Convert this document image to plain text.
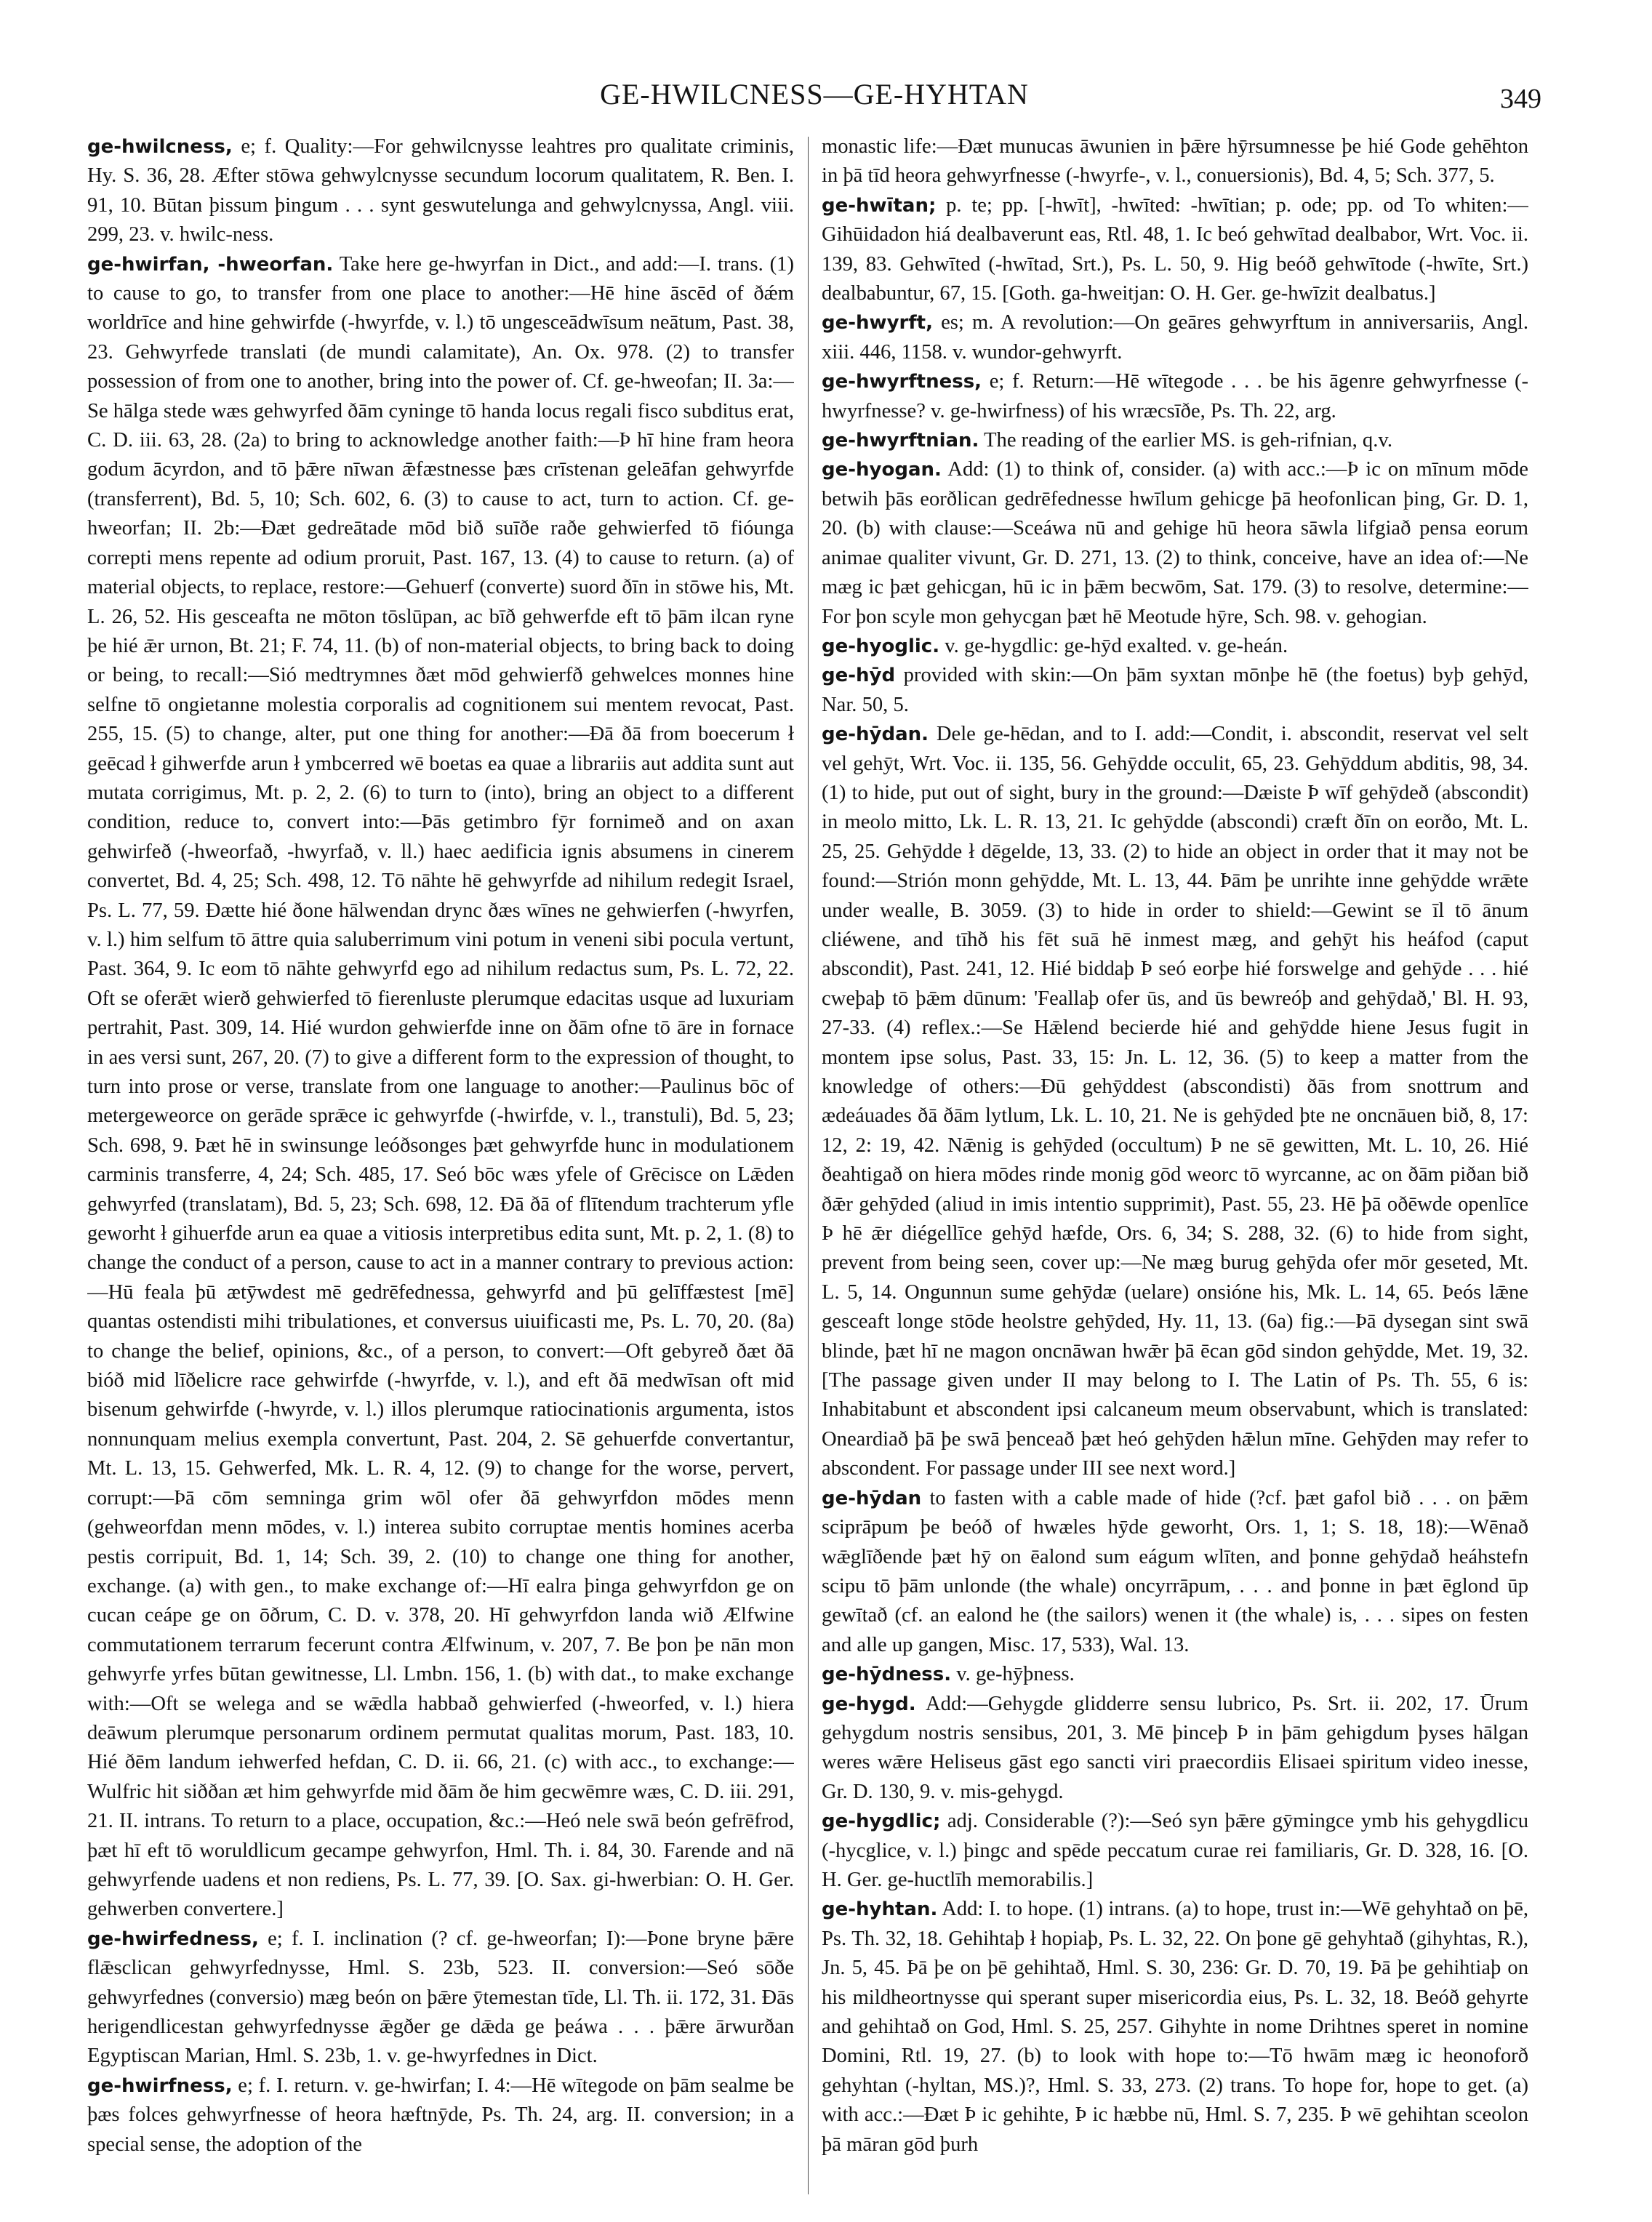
GE-HWILCNESS—GE-HYHTAN	349

ge-hwilcness, e; f. Quality:—For gehwilcnysse leahtres pro qualitate criminis, Hy. S. 36, 28. Æfter stōwa gehwylcnysse secundum locorum qualitatem, R. Ben. I. 91, 10. Būtan þissum þingum . . . synt geswutelunga and gehwylcnyssa, Angl. viii. 299, 23. v. hwilc-ness.

ge-hwirfan, -hweorfan. Take here ge-hwyrfan in Dict., and add:—I. trans. (1) to cause to go, to transfer from one place to another:—Hē hine āscēd of ðǽm worldrīce and hine gehwirfde (-hwyrfde, v. l.) tō ungesceādwīsum neātum, Past. 38, 23. Gehwyrfede translati (de mundi calamitate), An. Ox. 978. (2) to transfer possession of from one to another, bring into the power of. Cf. ge-hweofan; II. 3a:—Se hālga stede wæs gehwyrfed ðām cyninge tō handa locus regali fisco subditus erat, C. D. iii. 63, 28. (2a) to bring to acknowledge another faith:—Þ hī hine fram heora godum ācyrdon, and tō þǣre nīwan ǣfæstnesse þæs crīstenan geleāfan gehwyrfde (transferrent), Bd. 5, 10; Sch. 602, 6. (3) to cause to act, turn to action. Cf. ge-hweorfan; II. 2b:—Ðæt gedreātade mōd bið suīðe raðe gehwierfed tō fióunga correpti mens repente ad odium proruit, Past. 167, 13. (4) to cause to return. (a) of material objects, to replace, restore:—Gehuerf (converte) suord ðīn in stōwe his, Mt. L. 26, 52. His gesceafta ne mōton tōslūpan, ac bīð gehwerfde eft tō þām ilcan ryne þe hié ǣr urnon, Bt. 21; F. 74, 11. (b) of non-material objects, to bring back to doing or being, to recall:—Sió medtrymnes ðæt mōd gehwierfð gehwelces monnes hine selfne tō ongietanne molestia corporalis ad cognitionem sui mentem revocat, Past. 255, 15. (5) to change, alter, put one thing for another:—Ðā ðā from boecerum ł geēcad ł gihwerfde arun ł ymbcerred wē boetas ea quae a librariis aut addita sunt aut mutata corrigimus, Mt. p. 2, 2. (6) to turn to (into), bring an object to a different condition, reduce to, convert into:—Þās getimbro fȳr fornimeð and on axan gehwirfeð (-hweorfað, -hwyrfað, v. ll.) haec aedificia ignis absumens in cinerem convertet, Bd. 4, 25; Sch. 498, 12. Tō nāhte hē gehwyrfde ad nihilum redegit Israel, Ps. L. 77, 59. Ðætte hié ðone hālwendan drync ðæs wīnes ne gehwierfen (-hwyrfen, v. l.) him selfum tō āttre quia saluberrimum vini potum in veneni sibi pocula vertunt, Past. 364, 9. Ic eom tō nāhte gehwyrfd ego ad nihilum redactus sum, Ps. L. 72, 22. Oft se oferǣt wierð gehwierfed tō fierenluste plerumque edacitas usque ad luxuriam pertrahit, Past. 309, 14. Hié wurdon gehwierfde inne on ðām ofne tō āre in fornace in aes versi sunt, 267, 20. (7) to give a different form to the expression of thought, to turn into prose or verse, translate from one language to another:—Paulinus bōc of metergeweorce on gerāde sprǣce ic gehwyrfde (-hwirfde, v. l., transtuli), Bd. 5, 23; Sch. 698, 9. Þæt hē in swinsunge leóðsonges þæt gehwyrfde hunc in modulationem carminis transferre, 4, 24; Sch. 485, 17. Seó bōc wæs yfele of Grēcisce on Lǣden gehwyrfed (translatam), Bd. 5, 23; Sch. 698, 12. Ðā ðā of flītendum trachterum yfle geworht ł gihuerfde arun ea quae a vitiosis interpretibus edita sunt, Mt. p. 2, 1. (8) to change the conduct of a person, cause to act in a manner contrary to previous action:—Hū feala þū ætȳwdest mē gedrēfednessa, gehwyrfd and þū gelīffæstest [mē] quantas ostendisti mihi tribulationes, et conversus uiuificasti me, Ps. L. 70, 20. (8a) to change the belief, opinions, &c., of a person, to convert:—Oft gebyreð ðæt ðā bióð mid līðelicre race gehwirfde (-hwyrfde, v. l.), and eft ðā medwīsan oft mid bisenum gehwirfde (-hwyrde, v. l.) illos plerumque ratiocinationis argumenta, istos nonnunquam melius exempla convertunt, Past. 204, 2. Sē gehuerfde convertantur, Mt. L. 13, 15. Gehwerfed, Mk. L. R. 4, 12. (9) to change for the worse, pervert, corrupt:—Þā cōm semninga grim wōl ofer ðā gehwyrfdon mōdes menn (gehweorfdan menn mōdes, v. l.) interea subito corruptae mentis homines acerba pestis corripuit, Bd. 1, 14; Sch. 39, 2. (10) to change one thing for another, exchange. (a) with gen., to make exchange of:—Hī ealra þinga gehwyrfdon ge on cucan ceápe ge on ōðrum, C. D. v. 378, 20. Hī gehwyrfdon landa wið Ælfwine commutationem terrarum fecerunt contra Ælfwinum, v. 207, 7. Be þon þe nān mon gehwyrfe yrfes būtan gewitnesse, Ll. Lmbn. 156, 1. (b) with dat., to make exchange with:—Oft se welega and se wǣdla habbað gehwierfed (-hweorfed, v. l.) hiera deāwum plerumque personarum ordinem permutat qualitas morum, Past. 183, 10. Hié ðēm landum iehwerfed hefdan, C. D. ii. 66, 21. (c) with acc., to exchange:—Wulfric hit siððan æt him gehwyrfde mid ðām ðe him gecwēmre wæs, C. D. iii. 291, 21. II. intrans. To return to a place, occupation, &c.:—Heó nele swā beón gefrēfrod, þæt hī eft tō woruldlicum gecampe gehwyrfon, Hml. Th. i. 84, 30. Farende and nā gehwyrfende uadens et non rediens, Ps. L. 77, 39. [O. Sax. gi-hwerbian: O. H. Ger. gehwerben convertere.]

ge-hwirfedness, e; f. I. inclination (? cf. ge-hweorfan; I):—Þone bryne þǣre flǣsclican gehwyrfednysse, Hml. S. 23b, 523. II. conversion:—Seó sōðe gehwyrfednes (conversio) mæg beón on þǣre ȳtemestan tīde, Ll. Th. ii. 172, 31. Ðās herigendlicestan gehwyrfednysse ǣgðer ge dǣda ge þeáwa . . . þǣre ārwurðan Egyptiscan Marian, Hml. S. 23b, 1. v. ge-hwyrfednes in Dict.

ge-hwirfness, e; f. I. return. v. ge-hwirfan; I. 4:—Hē wītegode on þām sealme be þæs folces gehwyrfnesse of heora hæftnȳde, Ps. Th. 24, arg. II. conversion; in a special sense, the adoption of the

monastic life:—Ðæt munucas āwunien in þǣre hȳrsumnesse þe hié Gode gehēhton in þā tīd heora gehwyrfnesse (-hwyrfe-, v. l., conuersionis), Bd. 4, 5; Sch. 377, 5.

ge-hwītan; p. te; pp. [-hwīt], -hwīted: -hwītian; p. ode; pp. od To whiten:—Gihūidadon hiá dealbaverunt eas, Rtl. 48, 1. Ic beó gehwītad dealbabor, Wrt. Voc. ii. 139, 83. Gehwīted (-hwītad, Srt.), Ps. L. 50, 9. Hig beóð gehwītode (-hwīte, Srt.) dealbabuntur, 67, 15. [Goth. ga-hweitjan: O. H. Ger. ge-hwīzit dealbatus.]

ge-hwyrft, es; m. A revolution:—On geāres gehwyrftum in anniversariis, Angl. xiii. 446, 1158. v. wundor-gehwyrft.

ge-hwyrftness, e; f. Return:—Hē wītegode . . . be his āgenre gehwyrfnesse (-hwyrfnesse? v. ge-hwirfness) of his wræcsīðe, Ps. Th. 22, arg.

ge-hwyrftnian. The reading of the earlier MS. is geh-rifnian, q.v.

ge-hyogan. Add: (1) to think of, consider. (a) with acc.:—Þ ic on mīnum mōde betwih þās eorðlican gedrēfednesse hwīlum gehicge þā heofonlican þing, Gr. D. 1, 20. (b) with clause:—Sceáwa nū and gehige hū heora sāwla lifgiað pensa eorum animae qualiter vivunt, Gr. D. 271, 13. (2) to think, conceive, have an idea of:—Ne mæg ic þæt gehicgan, hū ic in þǣm becwōm, Sat. 179. (3) to resolve, determine:—For þon scyle mon gehycgan þæt hē Meotude hȳre, Sch. 98. v. gehogian.

ge-hyoglic. v. ge-hygdlic: ge-hȳd exalted. v. ge-heán.

ge-hȳd provided with skin:—On þām syxtan mōnþe hē (the foetus) byþ gehȳd, Nar. 50, 5.

ge-hȳdan. Dele ge-hēdan, and to I. add:—Condit, i. abscondit, reservat vel selt vel gehȳt, Wrt. Voc. ii. 135, 56. Gehȳdde occulit, 65, 23. Gehȳddum abditis, 98, 34. (1) to hide, put out of sight, bury in the ground:—Dæiste Þ wīf gehȳdeð (abscondit) in meolo mitto, Lk. L. R. 13, 21. Ic gehȳdde (abscondi) cræft ðīn on eorðo, Mt. L. 25, 25. Gehȳdde ł dēgelde, 13, 33. (2) to hide an object in order that it may not be found:—Strión monn gehȳdde, Mt. L. 13, 44. Þām þe unrihte inne gehȳdde wrǣte under wealle, B. 3059. (3) to hide in order to shield:—Gewint se īl tō ānum cliéwene, and tīhð his fēt suā hē inmest mæg, and gehȳt his heáfod (caput abscondit), Past. 241, 12. Hié biddaþ Þ seó eorþe hié forswelge and gehȳde . . . hié cweþaþ tō þǣm dūnum: 'Feallaþ ofer ūs, and ūs bewreóþ and gehȳdað,' Bl. H. 93, 27-33. (4) reflex.:—Se Hǣlend becierde hié and gehȳdde hiene Jesus fugit in montem ipse solus, Past. 33, 15: Jn. L. 12, 36. (5) to keep a matter from the knowledge of others:—Ðū gehȳddest (abscondisti) ðās from snottrum and ædeáuades ðā ðām lytlum, Lk. L. 10, 21. Ne is gehȳded þte ne oncnāuen bið, 8, 17: 12, 2: 19, 42. Nǣnig is gehȳded (occultum) Þ ne sē gewitten, Mt. L. 10, 26. Hié ðeahtigað on hiera mōdes rinde monig gōd weorc tō wyrcanne, ac on ðām piðan bið ðǣr gehȳded (aliud in imis intentio supprimit), Past. 55, 23. Hē þā oðēwde openlīce Þ hē ǣr diégellīce gehȳd hæfde, Ors. 6, 34; S. 288, 32. (6) to hide from sight, prevent from being seen, cover up:—Ne mæg burug gehȳda ofer mōr geseted, Mt. L. 5, 14. Ongunnun sume gehȳdæ (uelare) onsióne his, Mk. L. 14, 65. Þeós lǣne gesceaft longe stōde heolstre gehȳded, Hy. 11, 13. (6a) fig.:—Þā dysegan sint swā blinde, þæt hī ne magon oncnāwan hwǣr þā ēcan gōd sindon gehȳdde, Met. 19, 32. [The passage given under II may belong to I. The Latin of Ps. Th. 55, 6 is: Inhabitabunt et abscondent ipsi calcaneum meum observabunt, which is translated: Oneardiað þā þe swā þenceað þæt heó gehȳden hǣlun mīne. Gehȳden may refer to abscondent. For passage under III see next word.]

ge-hȳdan to fasten with a cable made of hide (?cf. þæt gafol bið . . . on þǣm sciprāpum þe beóð of hwæles hȳde geworht, Ors. 1, 1; S. 18, 18):—Wēnað wǣglīðende þæt hȳ on ēalond sum eágum wlīten, and þonne gehȳdað heáhstefn scipu tō þām unlonde (the whale) oncyrrāpum, . . . and þonne in þæt ēglond ūp gewītað (cf. an ealond he (the sailors) wenen it (the whale) is, . . . sipes on festen and alle up gangen, Misc. 17, 533), Wal. 13.

ge-hȳdness. v. ge-hȳþness.

ge-hygd. Add:—Gehygde glidderre sensu lubrico, Ps. Srt. ii. 202, 17. Ūrum gehygdum nostris sensibus, 201, 3. Mē þinceþ Þ in þām gehigdum þyses hālgan weres wǣre Heliseus gāst ego sancti viri praecordiis Elisaei spiritum video inesse, Gr. D. 130, 9. v. mis-gehygd.

ge-hygdlic; adj. Considerable (?):—Seó syn þǣre gȳmingce ymb his gehygdlicu (-hycglice, v. l.) þingc and spēde peccatum curae rei familiaris, Gr. D. 328, 16. [O. H. Ger. ge-huctlīh memorabilis.]

ge-hyhtan. Add: I. to hope. (1) intrans. (a) to hope, trust in:—Wē gehyhtað on þē, Ps. Th. 32, 18. Gehihtaþ ł hopiaþ, Ps. L. 32, 22. On þone gē gehyhtað (gihyhtas, R.), Jn. 5, 45. Þā þe on þē gehihtað, Hml. S. 30, 236: Gr. D. 70, 19. Þā þe gehihtiaþ on his mildheortnysse qui sperant super misericordia eius, Ps. L. 32, 18. Beóð gehyrte and gehihtað on God, Hml. S. 25, 257. Gihyhte in nome Drihtnes speret in nomine Domini, Rtl. 19, 27. (b) to look with hope to:—Tō hwām mæg ic heonoforð gehyhtan (-hyltan, MS.)?, Hml. S. 33, 273. (2) trans. To hope for, hope to get. (a) with acc.:—Ðæt Þ ic gehihte, Þ ic hæbbe nū, Hml. S. 7, 235. Þ wē gehihtan sceolon þā māran gōd þurh
